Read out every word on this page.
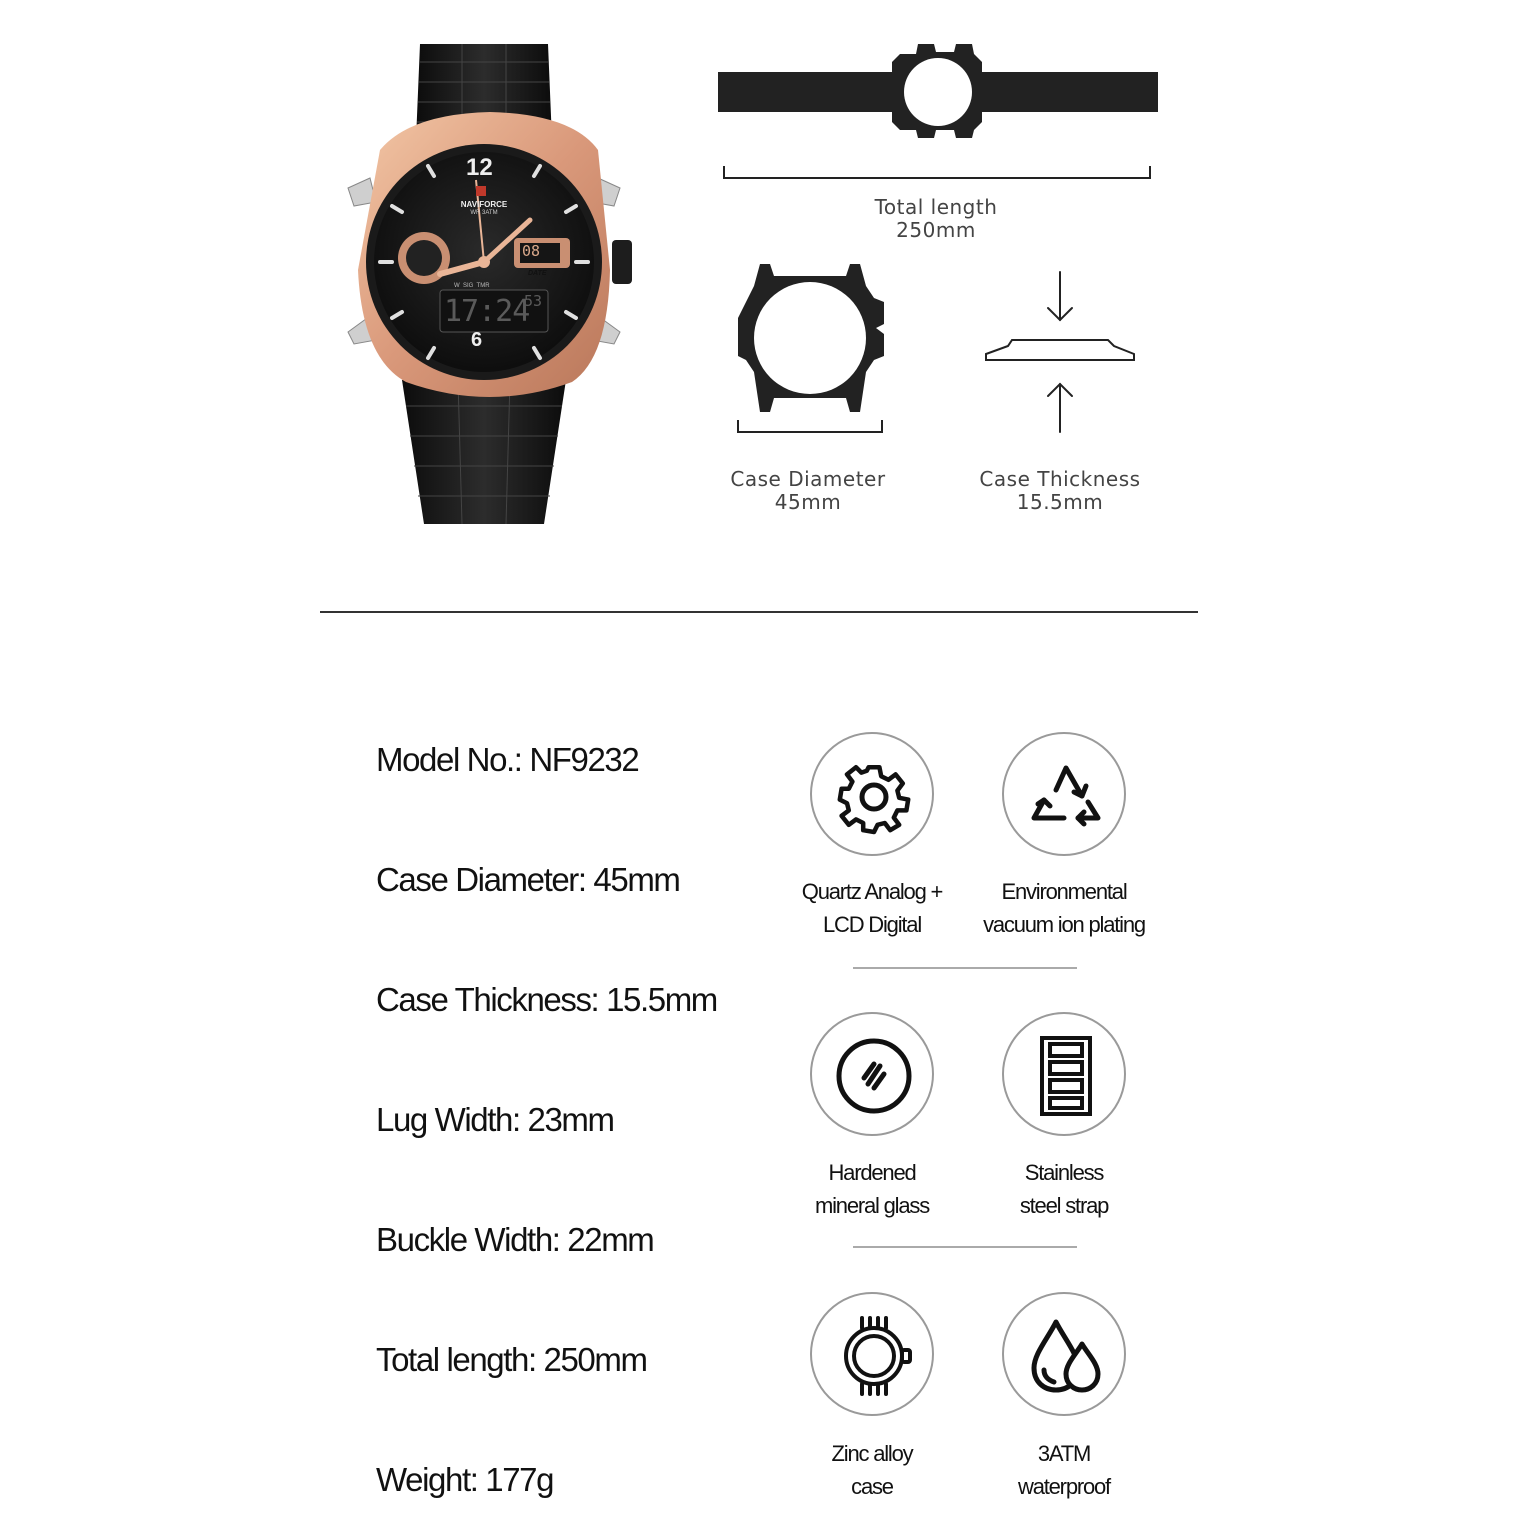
12
6
NAVIFORCE
WR 3ATM
08
DATE
W  SIG  TMR
17:24
53
Total length
250mm
Case Diameter
45mm
Case Thickness
15.5mm
Model No.: NF9232
Case Diameter: 45mm
Case Thickness: 15.5mm
Lug Width: 23mm
Buckle Width: 22mm
Total length: 250mm
Weight: 177g
Quartz Analog +
LCD Digital
Environmental
vacuum ion plating
Hardened
mineral glass
Stainless
steel strap
Zinc alloy
case
3ATM
waterproof
